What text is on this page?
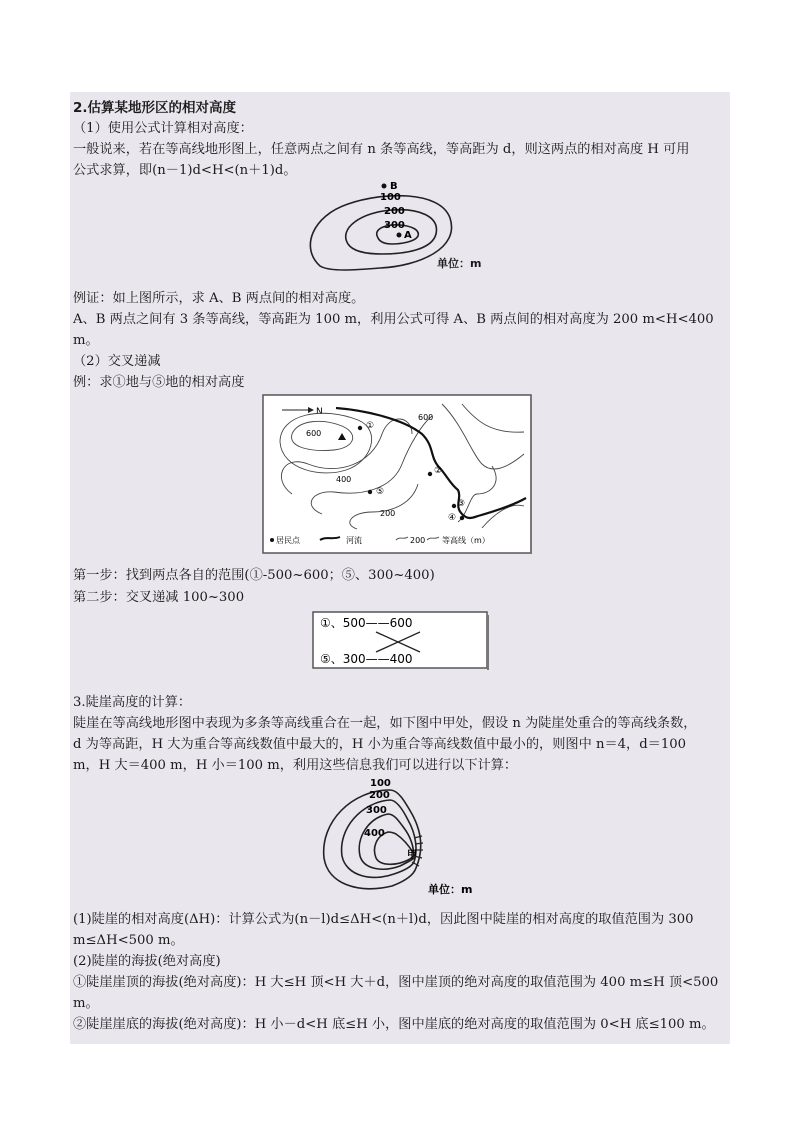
2.估算某地形区的相对高度
（1）使用公式计算相对高度：
一般说来，若在等高线地形图上，任意两点之间有 n 条等高线，等高距为 d，则这两点的相对高度 H 可用
公式求算，即(n－1)d<H<(n＋1)d。
B
100
200
300
A
单位：m
例证：如上图所示，求 A、B 两点间的相对高度。
A、B 两点之间有 3 条等高线，等高距为 100 m，利用公式可得 A、B 两点间的相对高度为 200 m<H<400
m。
（2）交叉递减
例：求①地与⑤地的相对高度
N
600
600
400
200
①
②
③
④
⑤
居民点	河流	200 等高线（m）
第一步：找到两点各自的范围(①-500~600；⑤、300~400)
第二步：交叉递减 100~300
①、500——600
⑤、300——400
3.陡崖高度的计算：
陡崖在等高线地形图中表现为多条等高线重合在一起，如下图中甲处，假设 n 为陡崖处重合的等高线条数，
d 为等高距，H 大为重合等高线数值中最大的，H 小为重合等高线数值中最小的，则图中 n＝4，d＝100
m，H 大＝400 m，H 小＝100 m，利用这些信息我们可以进行以下计算：
100
200
300
400
甲
单位：m
(1)陡崖的相对高度(ΔH)：计算公式为(n－l)d≤ΔH<(n＋l)d，因此图中陡崖的相对高度的取值范围为 300
m≤ΔH<500 m。
(2)陡崖的海拔(绝对高度)
①陡崖崖顶的海拔(绝对高度)：H 大≤H 顶<H 大＋d，图中崖顶的绝对高度的取值范围为 400 m≤H 顶<500
m。
②陡崖崖底的海拔(绝对高度)：H 小－d<H 底≤H 小，图中崖底的绝对高度的取值范围为 0<H 底≤100 m。
